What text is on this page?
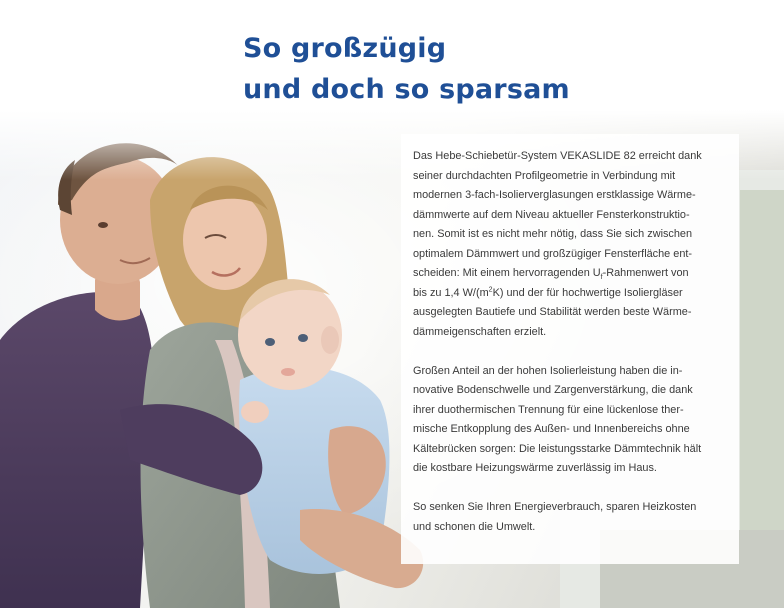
So großzügig
und doch so sparsam

Das Hebe-Schiebetür-System VEKASLIDE 82 erreicht dank
seiner durchdachten Profilgeometrie in Verbindung mit
modernen 3-fach-Isolierverglasungen erstklassige Wärme-
dämmwerte auf dem Niveau aktueller Fensterkonstruktio-
nen. Somit ist es nicht mehr nötig, dass Sie sich zwischen
optimalem Dämmwert und großzügiger Fensterfläche ent-
scheiden: Mit einem hervorragenden $U_f$-Rahmenwert von
bis zu 1,4 $W/(m^2K)$ und der für hochwertige Isoliergläser
ausgelegten Bautiefe und Stabilität werden beste Wärme-
dämmeigenschaften erzielt.

Großen Anteil an der hohen Isolierleistung haben die in-
novative Bodenschwelle und Zargenverstärkung, die dank
ihrer duothermischen Trennung für eine lückenlose ther-
mische Entkopplung des Außen- und Innenbereichs ohne
Kältebrücken sorgen: Die leistungsstarke Dämmtechnik hält
die kostbare Heizungswärme zuverlässig im Haus.

So senken Sie Ihren Energieverbrauch, sparen Heizkosten
und schonen die Umwelt.
